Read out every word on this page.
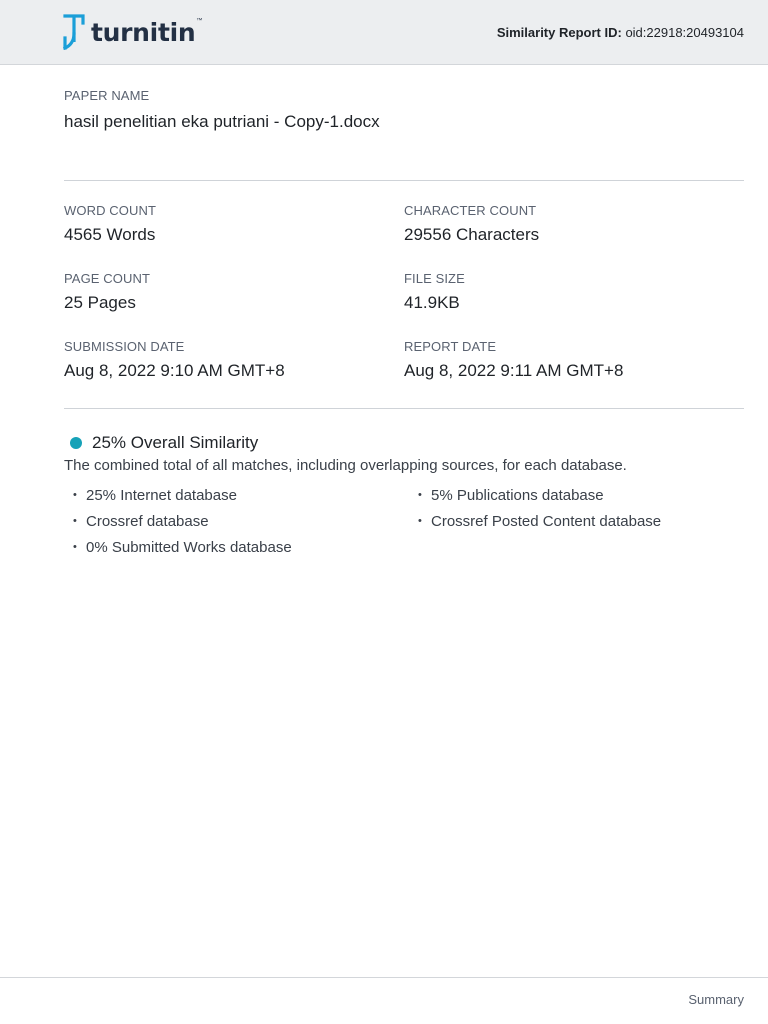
turnitin ™
Similarity Report ID: oid:22918:20493104
PAPER NAME
hasil penelitian eka putriani - Copy-1.docx
WORD COUNT
4565 Words
CHARACTER COUNT
29556 Characters
PAGE COUNT
25 Pages
FILE SIZE
41.9KB
SUBMISSION DATE
Aug 8, 2022 9:10 AM GMT+8
REPORT DATE
Aug 8, 2022 9:11 AM GMT+8
25% Overall Similarity
The combined total of all matches, including overlapping sources, for each database.
• 25% Internet database
• Crossref database
• 0% Submitted Works database
• 5% Publications database
• Crossref Posted Content database
Summary
